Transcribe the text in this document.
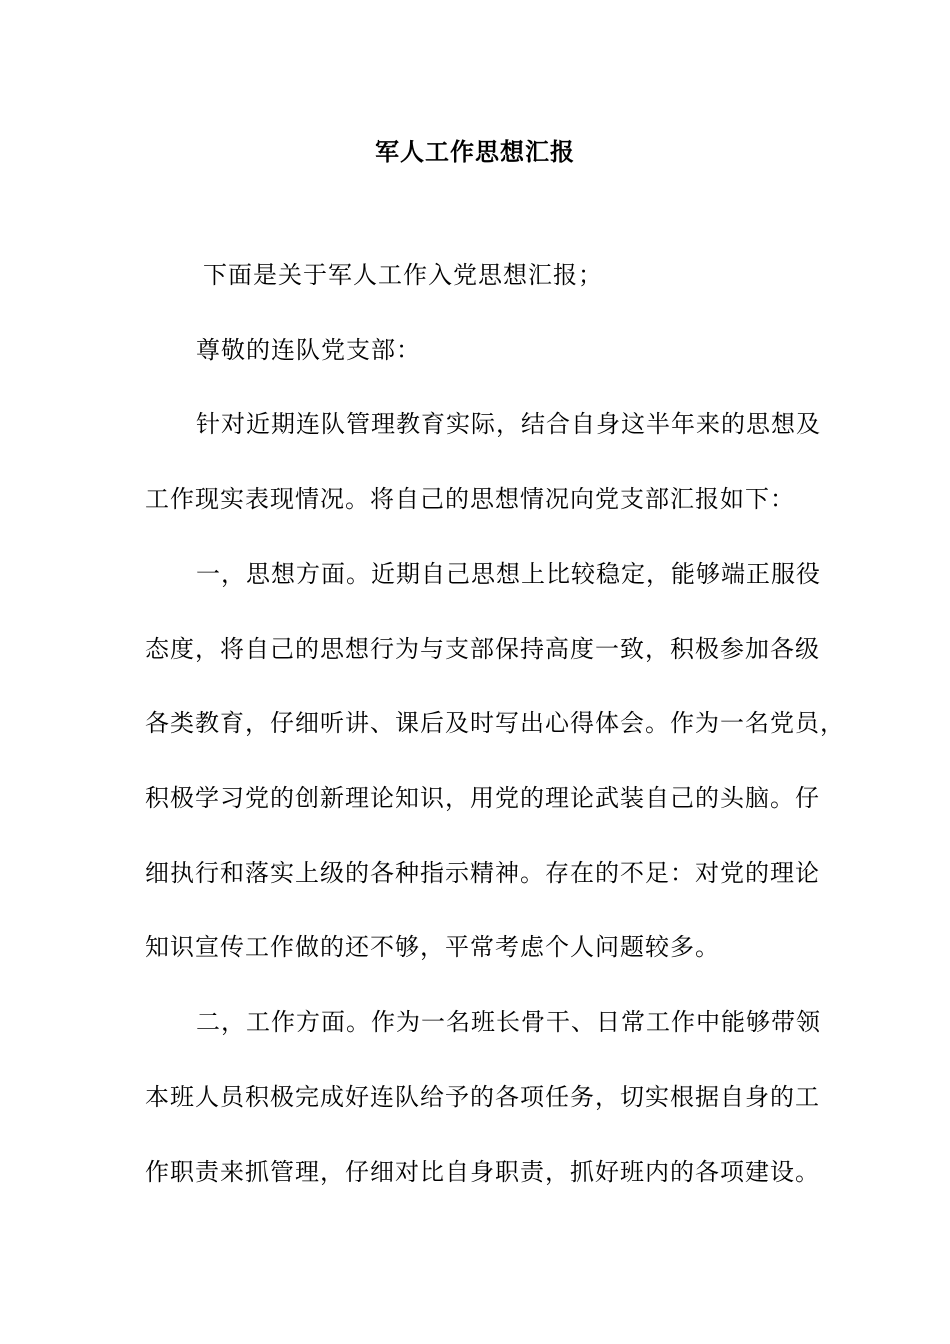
军人工作思想汇报
下面是关于军人工作入党思想汇报；
尊敬的连队党支部：
针对近期连队管理教育实际，结合自身这半年来的思想及
工作现实表现情况。将自己的思想情况向党支部汇报如下：
一，思想方面。近期自己思想上比较稳定，能够端正服役
态度，将自己的思想行为与支部保持高度一致，积极参加各级
各类教育，仔细听讲、课后及时写出心得体会。作为一名党员，
积极学习党的创新理论知识，用党的理论武装自己的头脑。仔
细执行和落实上级的各种指示精神。存在的不足：对党的理论
知识宣传工作做的还不够，平常考虑个人问题较多。
二，工作方面。作为一名班长骨干、日常工作中能够带领
本班人员积极完成好连队给予的各项任务，切实根据自身的工
作职责来抓管理，仔细对比自身职责，抓好班内的各项建设。
